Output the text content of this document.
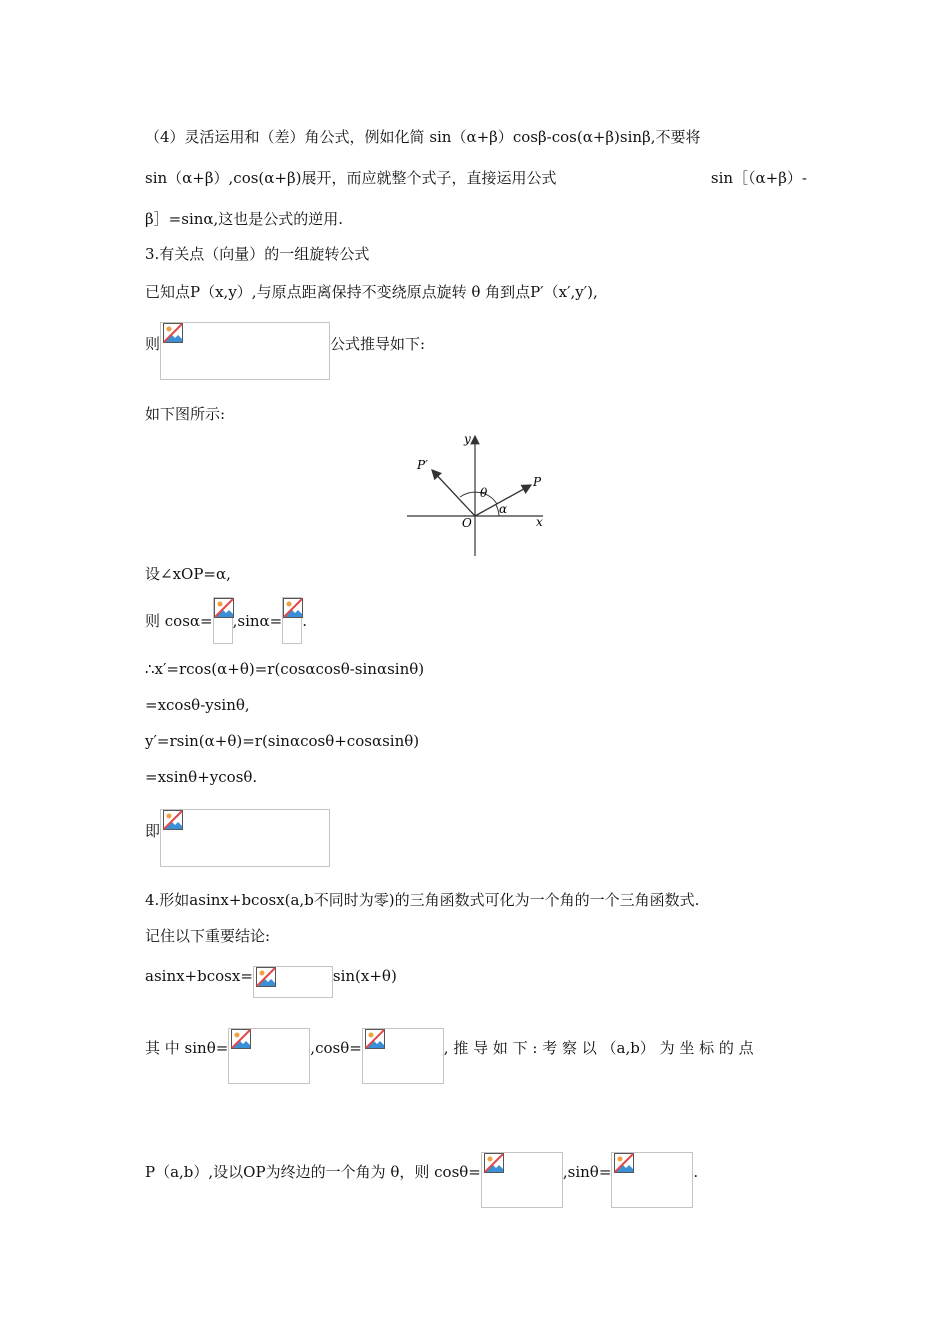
（4）灵活运用和（差）角公式，例如化简 sin（α+β）cosβ-cos(α+β)sinβ,不要将
sin（α+β）,cos(α+β)展开，而应就整个式子，直接运用公式	sin［（α+β）-
β］=sinα,这也是公式的逆用.
3.有关点（向量）的一组旋转公式
已知点P（x,y）,与原点距离保持不变绕原点旋转 θ 角到点P′（x′,y′),
则	公式推导如下:
如下图所示:
y
x
O
P
P′
θ
α
设∠xOP=α,
则 cosα= ,sinα= .
∴x′=rcos(α+θ)=r(cosαcosθ-sinαsinθ)
=xcosθ-ysinθ,
y′=rsin(α+θ)=r(sinαcosθ+cosαsinθ)
=xsinθ+ycosθ.
即
4.形如asinx+bcosx(a,b不同时为零)的三角函数式可化为一个角的一个三角函数式.
记住以下重要结论:
asinx+bcosx=	sin(x+θ)
其 中 sinθ=	,cosθ=	, 推 导 如 下 : 考 察 以 （a,b） 为 坐 标 的 点
P（a,b）,设以OP为终边的一个角为 θ，则 cosθ=	,sinθ=	.
